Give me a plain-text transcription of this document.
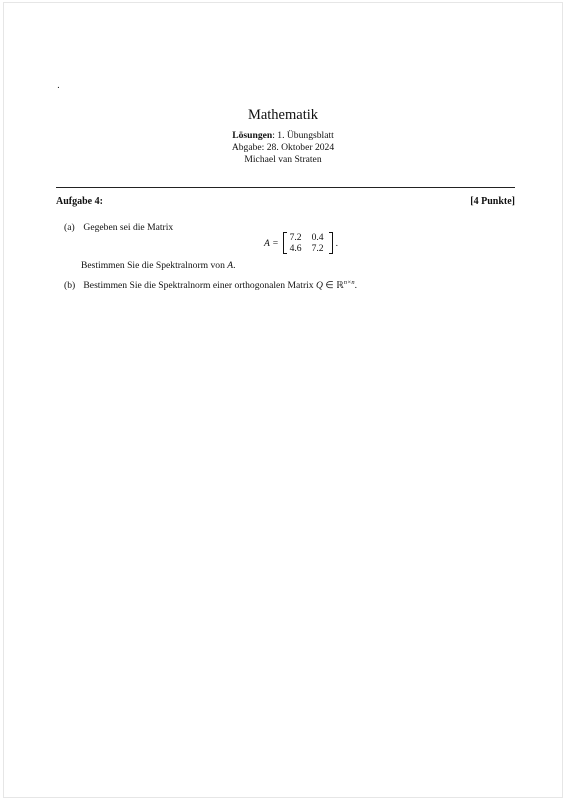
.
Mathematik
Lösungen: 1. Übungsblatt
Abgabe: 28. Oktober 2024
Michael van Straten
Aufgabe 4:	[4 Punkte]
(a) Gegeben sei die Matrix
A = 7.2	0.4
4.6	7.2 .
Bestimmen Sie die Spektralnorm von A.
(b) Bestimmen Sie die Spektralnorm einer orthogonalen Matrix Q ∈ ℝ$^{n\times n}$.
